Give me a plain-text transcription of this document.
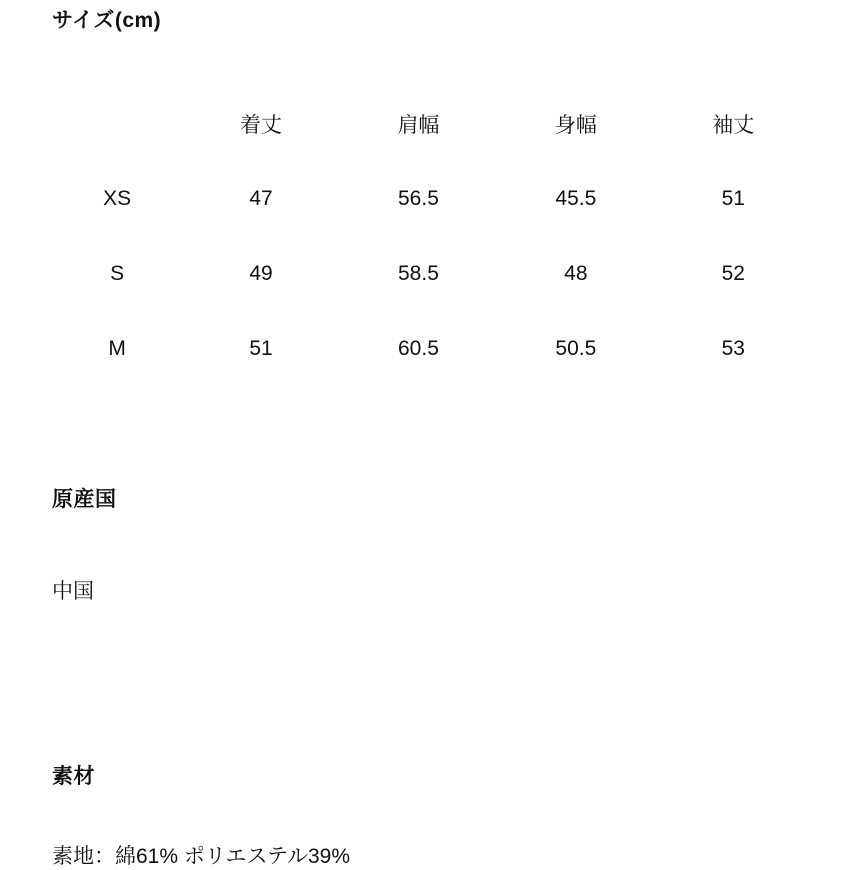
サイズ(cm)
	着丈	肩幅	身幅	袖丈
XS	47	56.5	45.5	51
S	49	58.5	48	52
M	51	60.5	50.5	53
原産国
中国
素材
素地：綿61% ポリエステル39%
